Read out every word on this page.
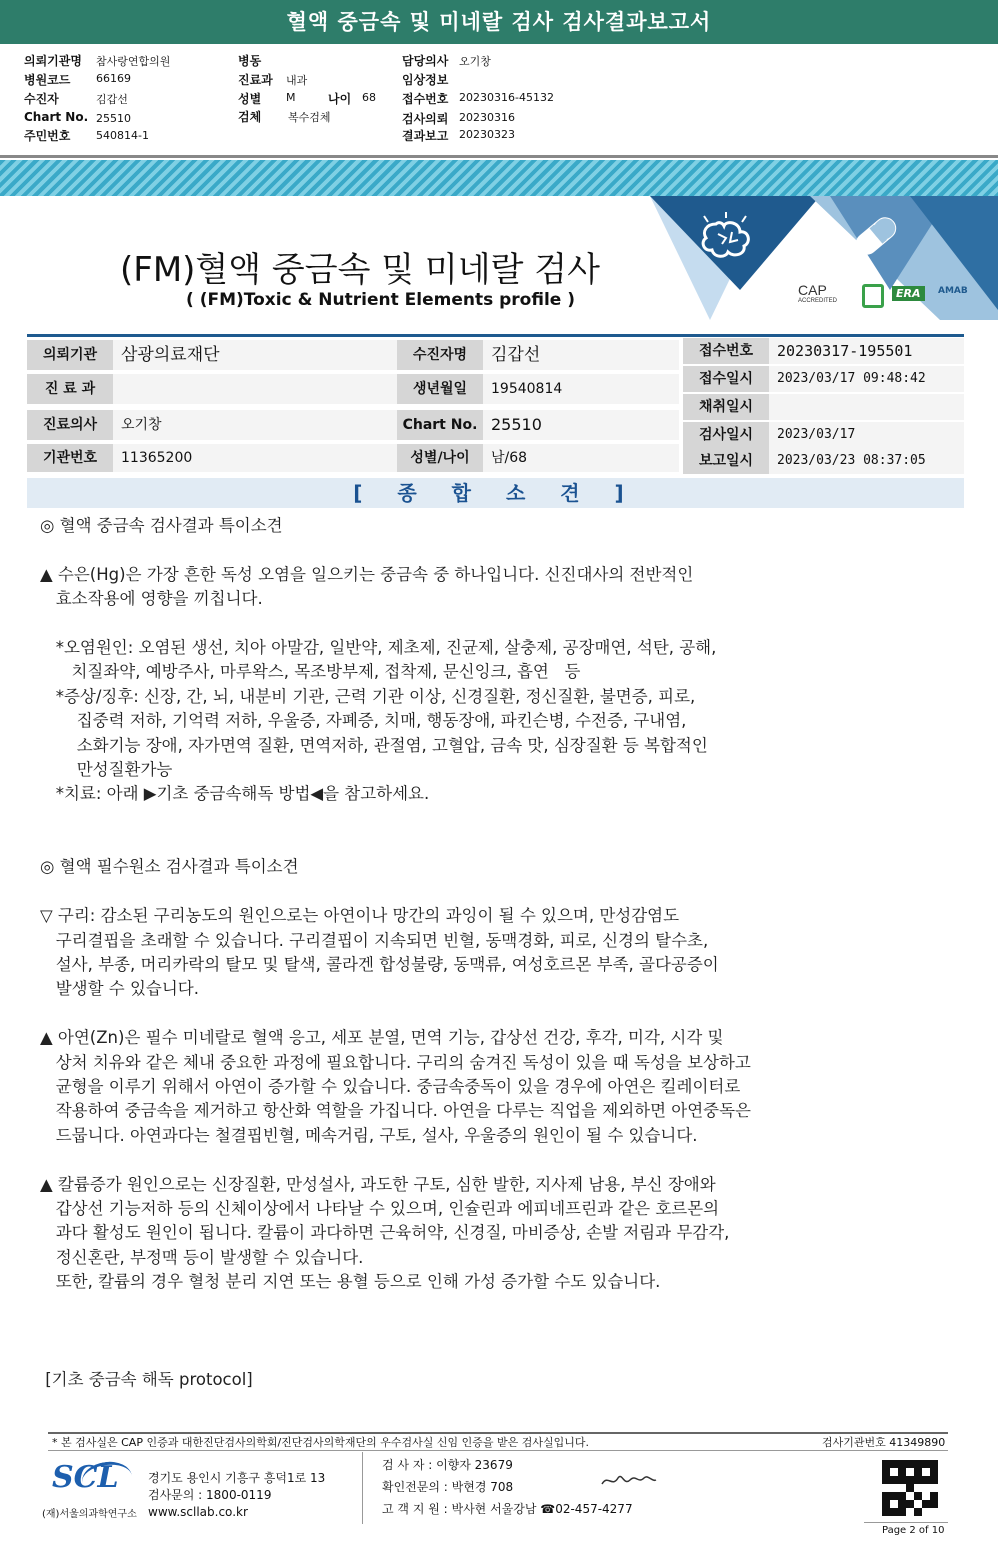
혈액 중금속 및 미네랄 검사 검사결과보고서
의뢰기관명 참사랑연합의원
병원코드 66169
수진자	김갑선
Chart No. 25510
주민번호 540814-1
병동
진료과 내과
성별 M	나이 68
검체 복수검체
담당의사 오기창
임상정보
접수번호 20230316-45132
검사의뢰 20230316
결과보고 20230323
(FM)혈액 중금속 및 미네랄 검사
( (FM)Toxic & Nutrient Elements profile )	CAP
ACCREDITED
ERA	AMAB
의뢰기관	삼광의료재단
진 료 과
진료의사	오기창
기관번호	11365200
수진자명	김갑선
생년월일	19540814
Chart No. 25510
성별/나이	남/68
접수번호	20230317-195501
접수일시	2023/03/17 09:48:42
채취일시
검사일시	2023/03/17
보고일시	2023/03/23 08:37:05
[ 종 합 소 견 ]
◎ 혈액 중금속 검사결과 특이소견

▲ 수은(Hg)은 가장 흔한 독성 오염을 일으키는 중금속 중 하나입니다. 신진대사의 전반적인
효소작용에 영향을 끼칩니다.

*오염원인: 오염된 생선, 치아 아말감, 일반약, 제초제, 진균제, 살충제, 공장매연, 석탄, 공해,
치질좌약, 예방주사, 마루왁스, 목조방부제, 접착제, 문신잉크, 흡연   등
*증상/징후: 신장, 간, 뇌, 내분비 기관, 근력 기관 이상, 신경질환, 정신질환, 불면증, 피로,
집중력 저하, 기억력 저하, 우울증, 자폐증, 치매, 행동장애, 파킨슨병, 수전증, 구내염,
소화기능 장애, 자가면역 질환, 면역저하, 관절염, 고혈압, 금속 맛, 심장질환 등 복합적인
만성질환가능
*치료: 아래 ▶기초 중금속해독 방법◀을 참고하세요.

◎ 혈액 필수원소 검사결과 특이소견

▽ 구리: 감소된 구리농도의 원인으로는 아연이나 망간의 과잉이 될 수 있으며, 만성감염도
구리결핍을 초래할 수 있습니다. 구리결핍이 지속되면 빈혈, 동맥경화, 피로, 신경의 탈수초,
설사, 부종, 머리카락의 탈모 및 탈색, 콜라겐 합성불량, 동맥류, 여성호르몬 부족, 골다공증이
발생할 수 있습니다.

▲ 아연(Zn)은 필수 미네랄로 혈액 응고, 세포 분열, 면역 기능, 갑상선 건강, 후각, 미각, 시각 및
상처 치유와 같은 체내 중요한 과정에 필요합니다. 구리의 숨겨진 독성이 있을 때 독성을 보상하고
균형을 이루기 위해서 아연이 증가할 수 있습니다. 중금속중독이 있을 경우에 아연은 킬레이터로
작용하여 중금속을 제거하고 항산화 역할을 가집니다. 아연을 다루는 직업을 제외하면 아연중독은
드뭅니다. 아연과다는 철결핍빈혈, 메속거림, 구토, 설사, 우울증의 원인이 될 수 있습니다.

▲ 칼륨증가 원인으로는 신장질환, 만성설사, 과도한 구토, 심한 발한, 지사제 남용, 부신 장애와
갑상선 기능저하 등의 신체이상에서 나타날 수 있으며, 인슐린과 에피네프린과 같은 호르몬의
과다 활성도 원인이 됩니다. 칼륨이 과다하면 근육허약, 신경질, 마비증상, 손발 저림과 무감각,
정신혼란, 부정맥 등이 발생할 수 있습니다.
또한, 칼륨의 경우 혈청 분리 지연 또는 용혈 등으로 인해 가성 증가할 수도 있습니다.

[기초 중금속 해독 protocol]
* 본 검사실은 CAP 인증과 대한진단검사의학회/진단검사의학재단의 우수검사실 신임 인증을 받은 검사실입니다.	검사기관번호 41349890
SCL
(재)서울의과학연구소
경기도 용인시 기흥구 흥덕1로 13
검사문의 : 1800-0119
www.scllab.co.kr
검 사 자 : 이향자 23679
확인전문의 : 박현경 708
고 객 지 원 : 박사현 서울강남 ☎02-457-4277
Page 2 of 10
